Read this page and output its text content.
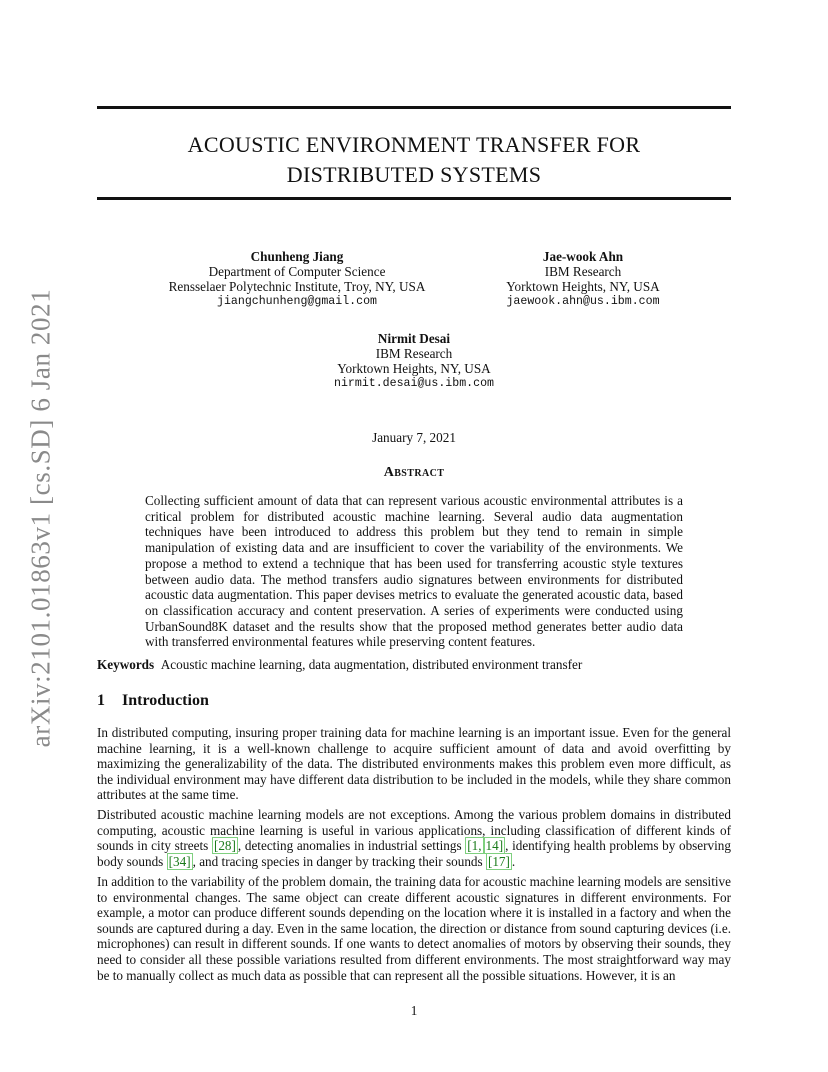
arXiv:2101.01863v1 [cs.SD] 6 Jan 2021
ACOUSTIC ENVIRONMENT TRANSFER FOR
DISTRIBUTED SYSTEMS
Chunheng Jiang
Department of Computer Science
Rensselaer Polytechnic Institute, Troy, NY, USA
jiangchunheng@gmail.com
Jae-wook Ahn
IBM Research
Yorktown Heights, NY, USA
jaewook.ahn@us.ibm.com
Nirmit Desai
IBM Research
Yorktown Heights, NY, USA
nirmit.desai@us.ibm.com
January 7, 2021
Abstract
Collecting sufficient amount of data that can represent various acoustic environmental attributes is a critical problem for distributed acoustic machine learning. Several audio data augmentation techniques have been introduced to address this problem but they tend to remain in simple manipulation of existing data and are insufficient to cover the variability of the environments. We propose a method to extend a technique that has been used for transferring acoustic style textures between audio data. The method transfers audio signatures between environments for distributed acoustic data augmentation. This paper devises metrics to evaluate the generated acoustic data, based on classification accuracy and content preservation. A series of experiments were conducted using UrbanSound8K dataset and the results show that the proposed method generates better audio data with transferred environmental features while preserving content features.
Keywords Acoustic machine learning, data augmentation, distributed environment transfer
1 Introduction
In distributed computing, insuring proper training data for machine learning is an important issue. Even for the general machine learning, it is a well-known challenge to acquire sufficient amount of data and avoid overfitting by maximizing the generalizability of the data. The distributed environments makes this problem even more difficult, as the individual environment may have different data distribution to be included in the models, while they share common attributes at the same time.
Distributed acoustic machine learning models are not exceptions. Among the various problem domains in distributed computing, acoustic machine learning is useful in various applications, including classification of different kinds of sounds in city streets [28] , detecting anomalies in industrial settings [1, 14] , identifying health problems by observing body sounds [34] , and tracing species in danger by tracking their sounds [17] .
In addition to the variability of the problem domain, the training data for acoustic machine learning models are sensitive to environmental changes. The same object can create different acoustic signatures in different environments. For example, a motor can produce different sounds depending on the location where it is installed in a factory and when the sounds are captured during a day. Even in the same location, the direction or distance from sound capturing devices (i.e. microphones) can result in different sounds. If one wants to detect anomalies of motors by observing their sounds, they need to consider all these possible variations resulted from different environments. The most straightforward way may be to manually collect as much data as possible that can represent all the possible situations. However, it is an
1
